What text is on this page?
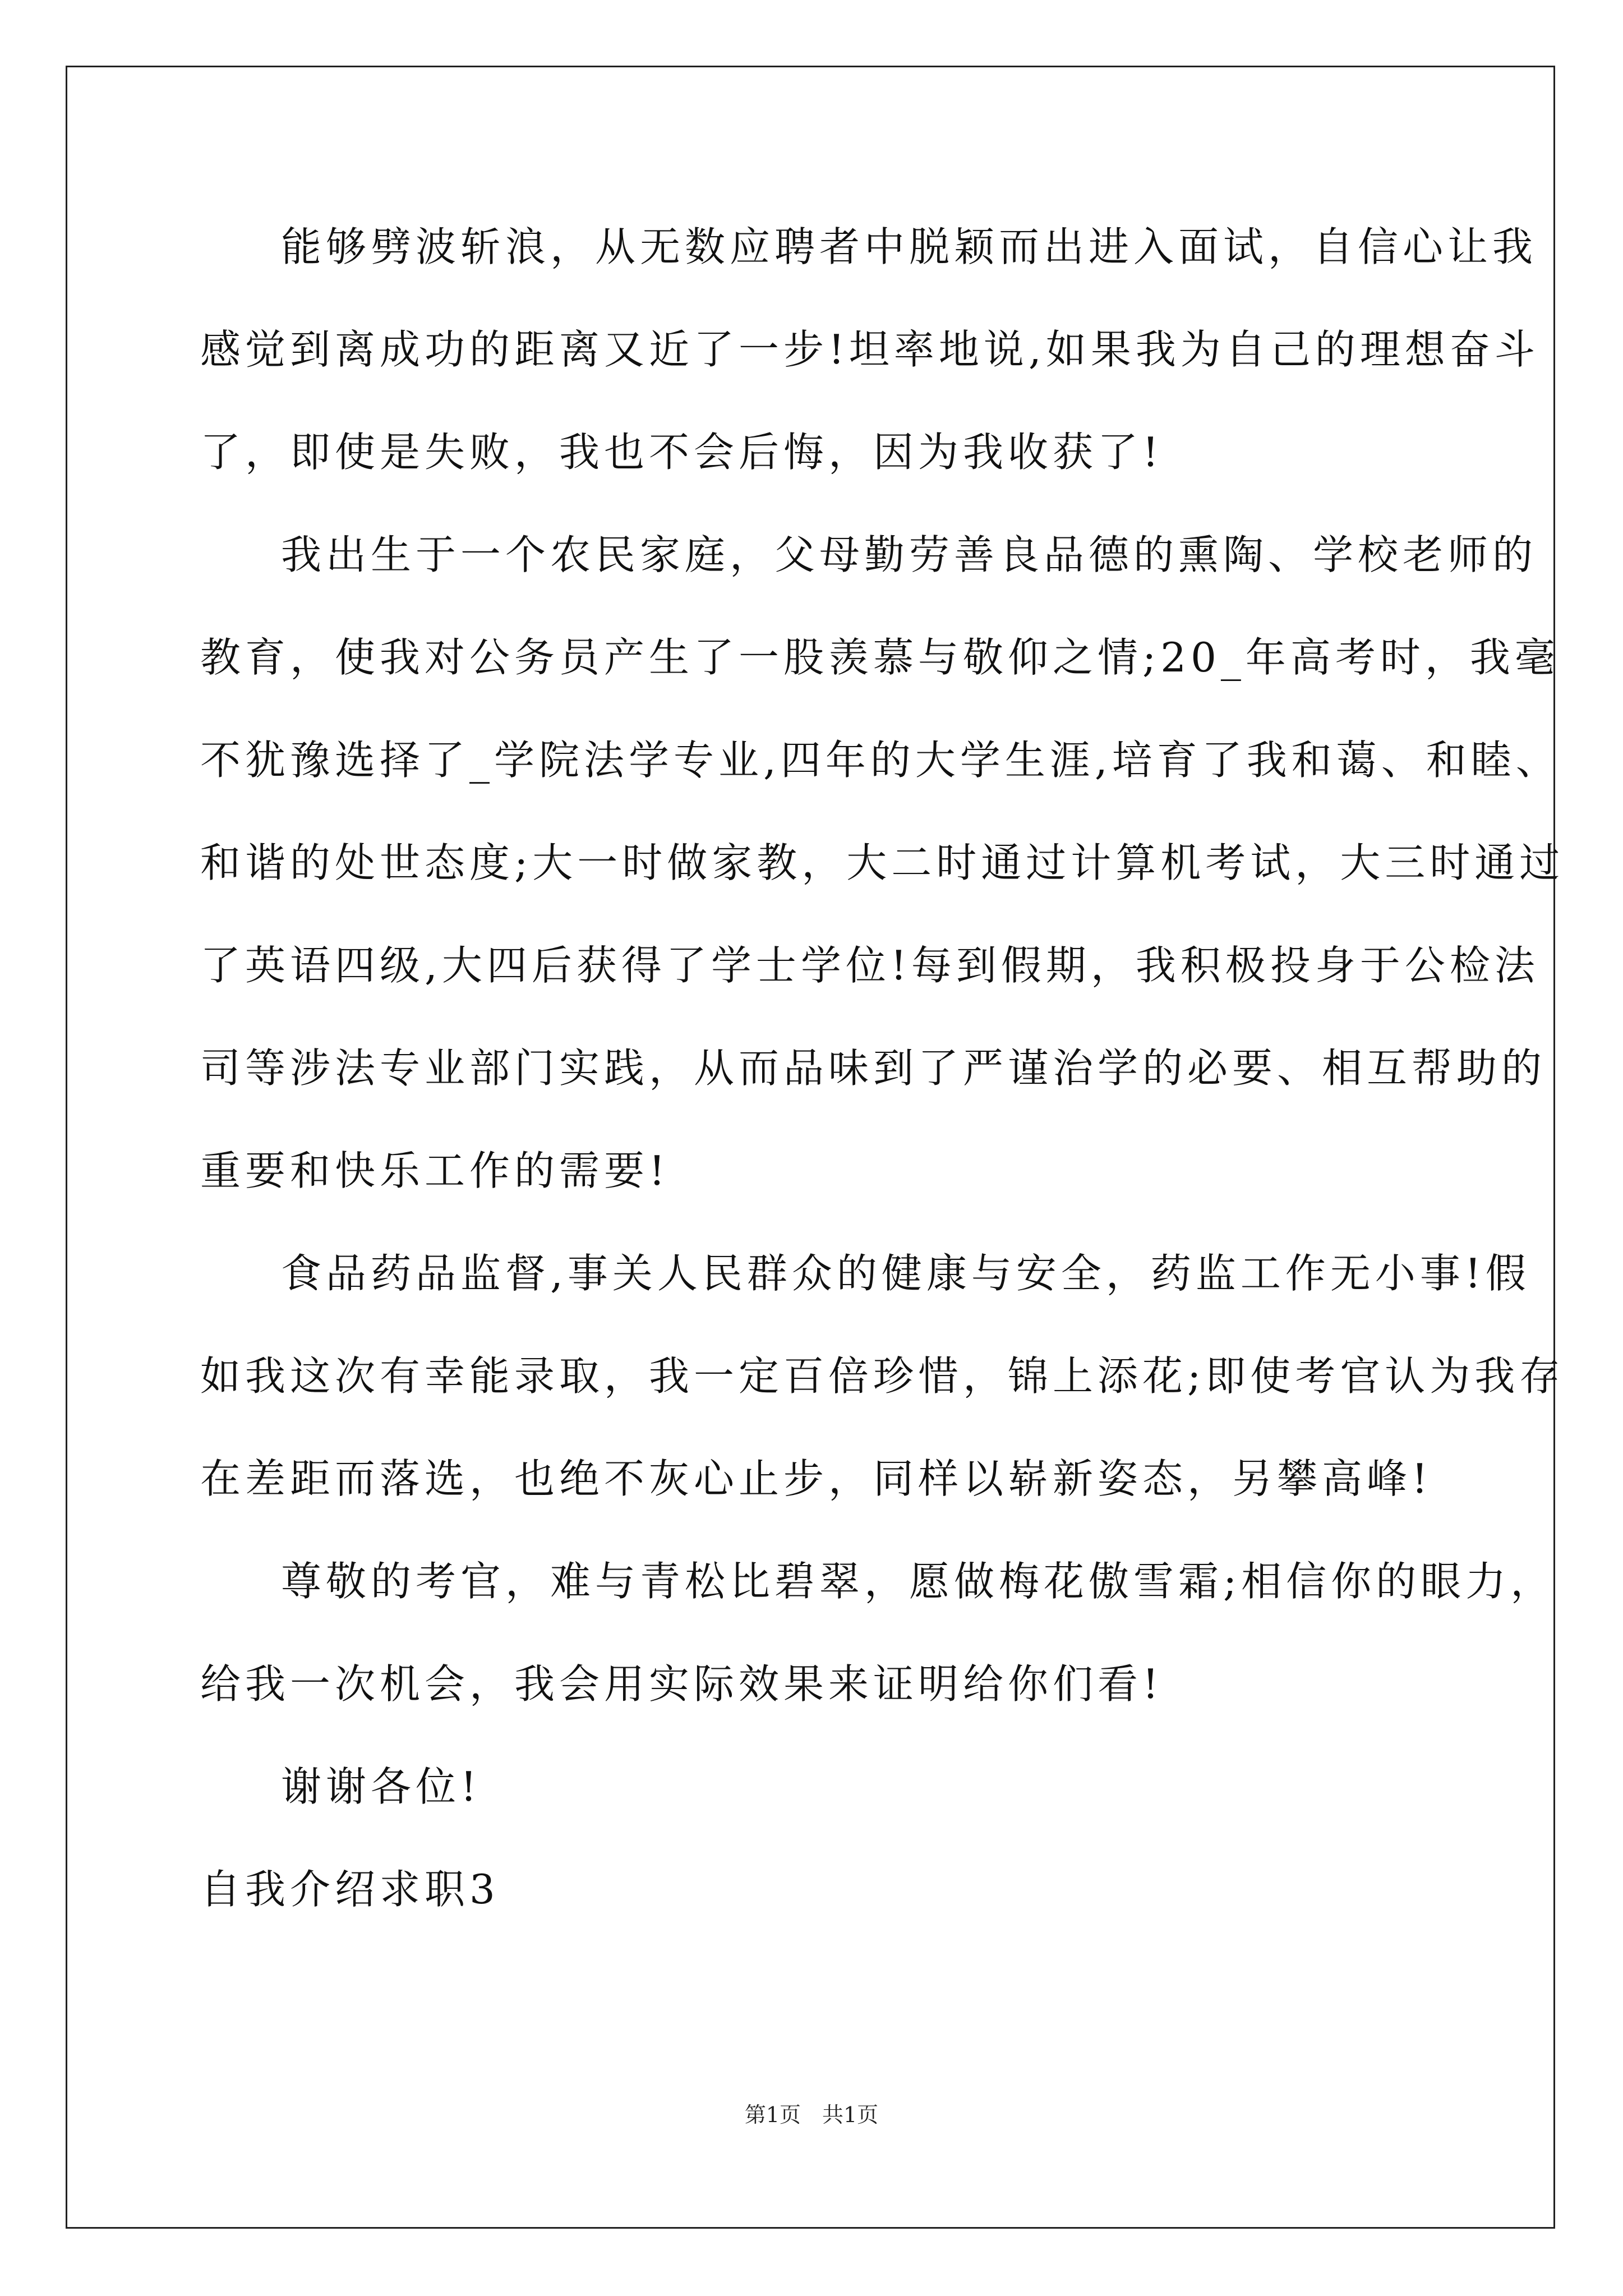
能够劈波斩浪，从无数应聘者中脱颖而出进入面试，自信心让我
感觉到离成功的距离又近了一步!坦率地说,如果我为自己的理想奋斗
了，即使是失败，我也不会后悔，因为我收获了!
我出生于一个农民家庭，父母勤劳善良品德的熏陶、学校老师的
教育，使我对公务员产生了一股羡慕与敬仰之情;20_年高考时，我毫
不犹豫选择了_学院法学专业,四年的大学生涯,培育了我和蔼、和睦、
和谐的处世态度;大一时做家教，大二时通过计算机考试，大三时通过
了英语四级,大四后获得了学士学位!每到假期，我积极投身于公检法
司等涉法专业部门实践，从而品味到了严谨治学的必要、相互帮助的
重要和快乐工作的需要!
食品药品监督,事关人民群众的健康与安全，药监工作无小事!假
如我这次有幸能录取，我一定百倍珍惜，锦上添花;即使考官认为我存
在差距而落选，也绝不灰心止步，同样以崭新姿态，另攀高峰!
尊敬的考官，难与青松比碧翠，愿做梅花傲雪霜;相信你的眼力，
给我一次机会，我会用实际效果来证明给你们看!
谢谢各位!
自我介绍求职3
第1页　共1页
